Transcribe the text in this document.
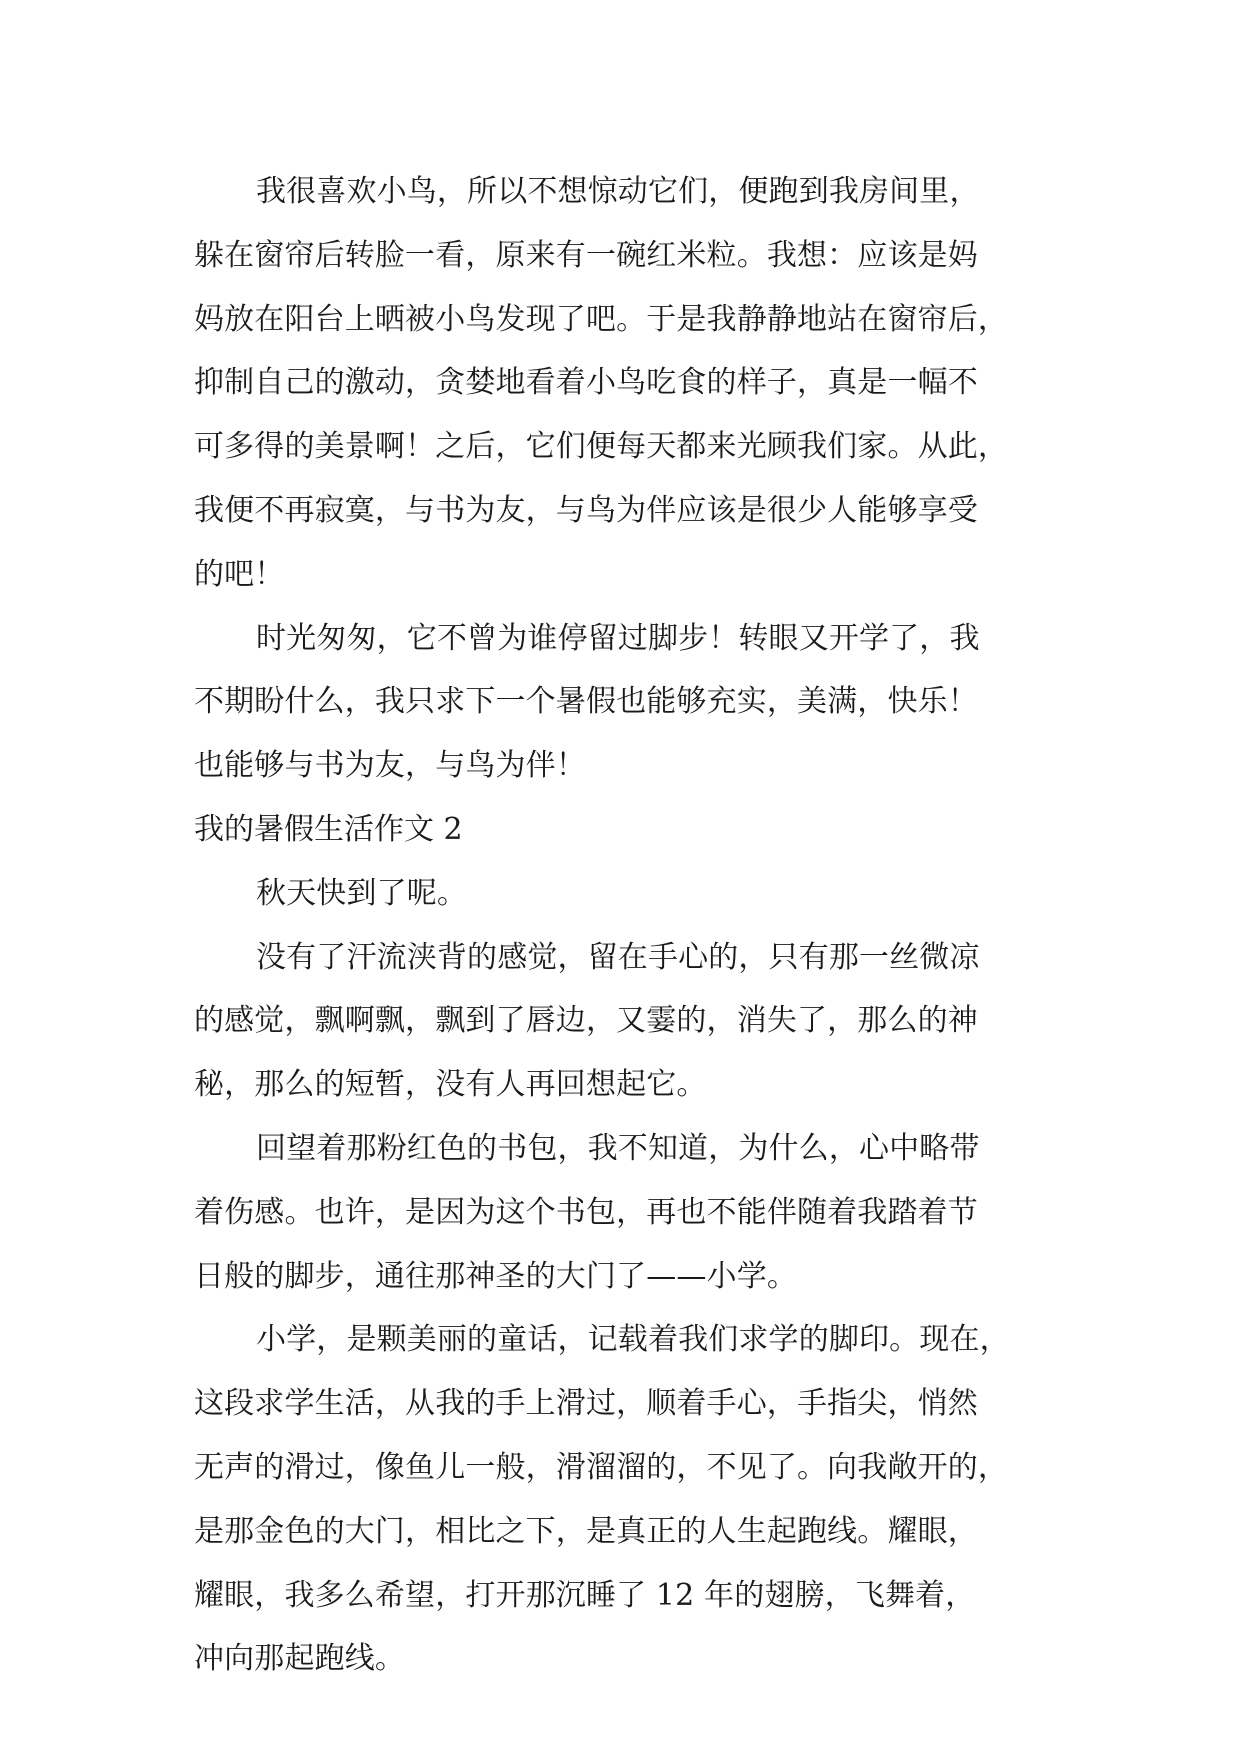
我很喜欢小鸟，所以不想惊动它们，便跑到我房间里，
躲在窗帘后转脸一看，原来有一碗红米粒。我想：应该是妈
妈放在阳台上晒被小鸟发现了吧。于是我静静地站在窗帘后，
抑制自己的激动，贪婪地看着小鸟吃食的样子，真是一幅不
可多得的美景啊！之后，它们便每天都来光顾我们家。从此，
我便不再寂寞，与书为友，与鸟为伴应该是很少人能够享受
的吧！
时光匆匆，它不曾为谁停留过脚步！转眼又开学了，我
不期盼什么，我只求下一个暑假也能够充实，美满，快乐！
也能够与书为友，与鸟为伴！
我的暑假生活作文 2
秋天快到了呢。
没有了汗流浃背的感觉，留在手心的，只有那一丝微凉
的感觉，飘啊飘，飘到了唇边，又霎的，消失了，那么的神
秘，那么的短暂，没有人再回想起它。
回望着那粉红色的书包，我不知道，为什么，心中略带
着伤感。也许，是因为这个书包，再也不能伴随着我踏着节
日般的脚步，通往那神圣的大门了——小学。
小学，是颗美丽的童话，记载着我们求学的脚印。现在，
这段求学生活，从我的手上滑过，顺着手心，手指尖，悄然
无声的滑过，像鱼儿一般，滑溜溜的，不见了。向我敞开的，
是那金色的大门，相比之下，是真正的人生起跑线。耀眼，
耀眼，我多么希望，打开那沉睡了 12 年的翅膀，飞舞着，
冲向那起跑线。
